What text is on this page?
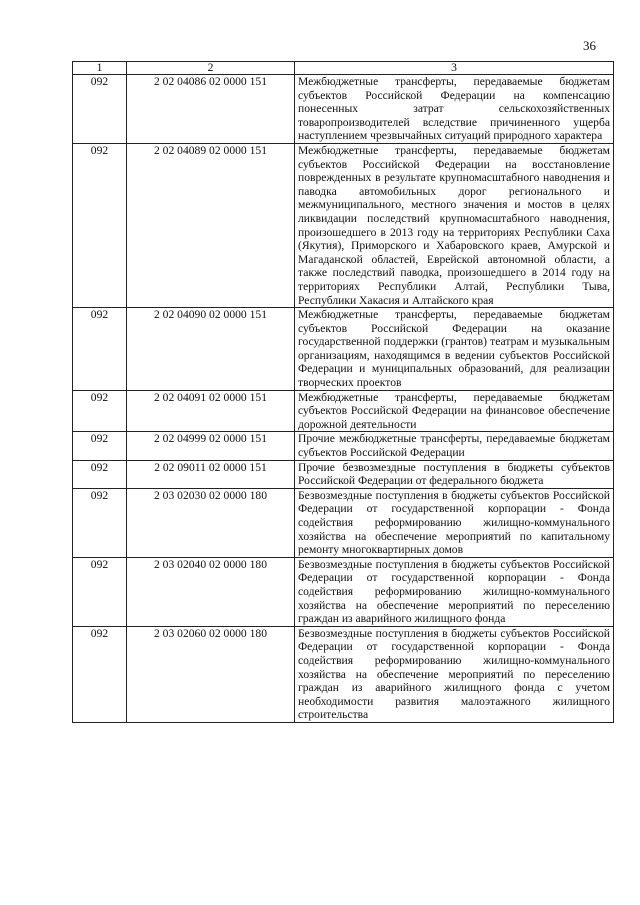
36
1	2	3
092	2 02 04086 02 0000 151	Межбюджетные трансферты, передаваемые бюджетам субъектов Российской Федерации на компенсацию понесенных затрат сельскохозяйственных товаропроизводителей вследствие причиненного ущерба наступлением чрезвычайных ситуаций природного характера
092	2 02 04089 02 0000 151	Межбюджетные трансферты, передаваемые бюджетам субъектов Российской Федерации на восстановление поврежденных в результате крупномасштабного наводнения и паводка автомобильных дорог регионального и межмуниципального, местного значения и мостов в целях ликвидации последствий крупномасштабного наводнения, произошедшего в 2013 году на территориях Республики Саха (Якутия), Приморского и Хабаровского краев, Амурской и Магаданской областей, Еврейской автономной области, а также последствий паводка, произошедшего в 2014 году на территориях Республики Алтай, Республики Тыва, Республики Хакасия и Алтайского края
092	2 02 04090 02 0000 151	Межбюджетные трансферты, передаваемые бюджетам субъектов Российской Федерации на оказание государственной поддержки (грантов) театрам и музыкальным организациям, находящимся в ведении субъектов Российской Федерации и муниципальных образований, для реализации творческих проектов
092	2 02 04091 02 0000 151	Межбюджетные трансферты, передаваемые бюджетам субъектов Российской Федерации на финансовое обеспечение дорожной деятельности
092	2 02 04999 02 0000 151	Прочие межбюджетные трансферты, передаваемые бюджетам субъектов Российской Федерации
092	2 02 09011 02 0000 151	Прочие безвозмездные поступления в бюджеты субъектов Российской Федерации от федерального бюджета
092	2 03 02030 02 0000 180	Безвозмездные поступления в бюджеты субъектов Российской Федерации от государственной корпорации - Фонда содействия реформированию жилищно-коммунального хозяйства на обеспечение мероприятий по капитальному ремонту многоквартирных домов
092	2 03 02040 02 0000 180	Безвозмездные поступления в бюджеты субъектов Российской Федерации от государственной корпорации - Фонда содействия реформированию жилищно-коммунального хозяйства на обеспечение мероприятий по переселению граждан из аварийного жилищного фонда
092	2 03 02060 02 0000 180	Безвозмездные поступления в бюджеты субъектов Российской Федерации от государственной корпорации - Фонда содействия реформированию жилищно-коммунального хозяйства на обеспечение мероприятий по переселению граждан из аварийного жилищного фонда с учетом необходимости развития малоэтажного жилищного строительства
